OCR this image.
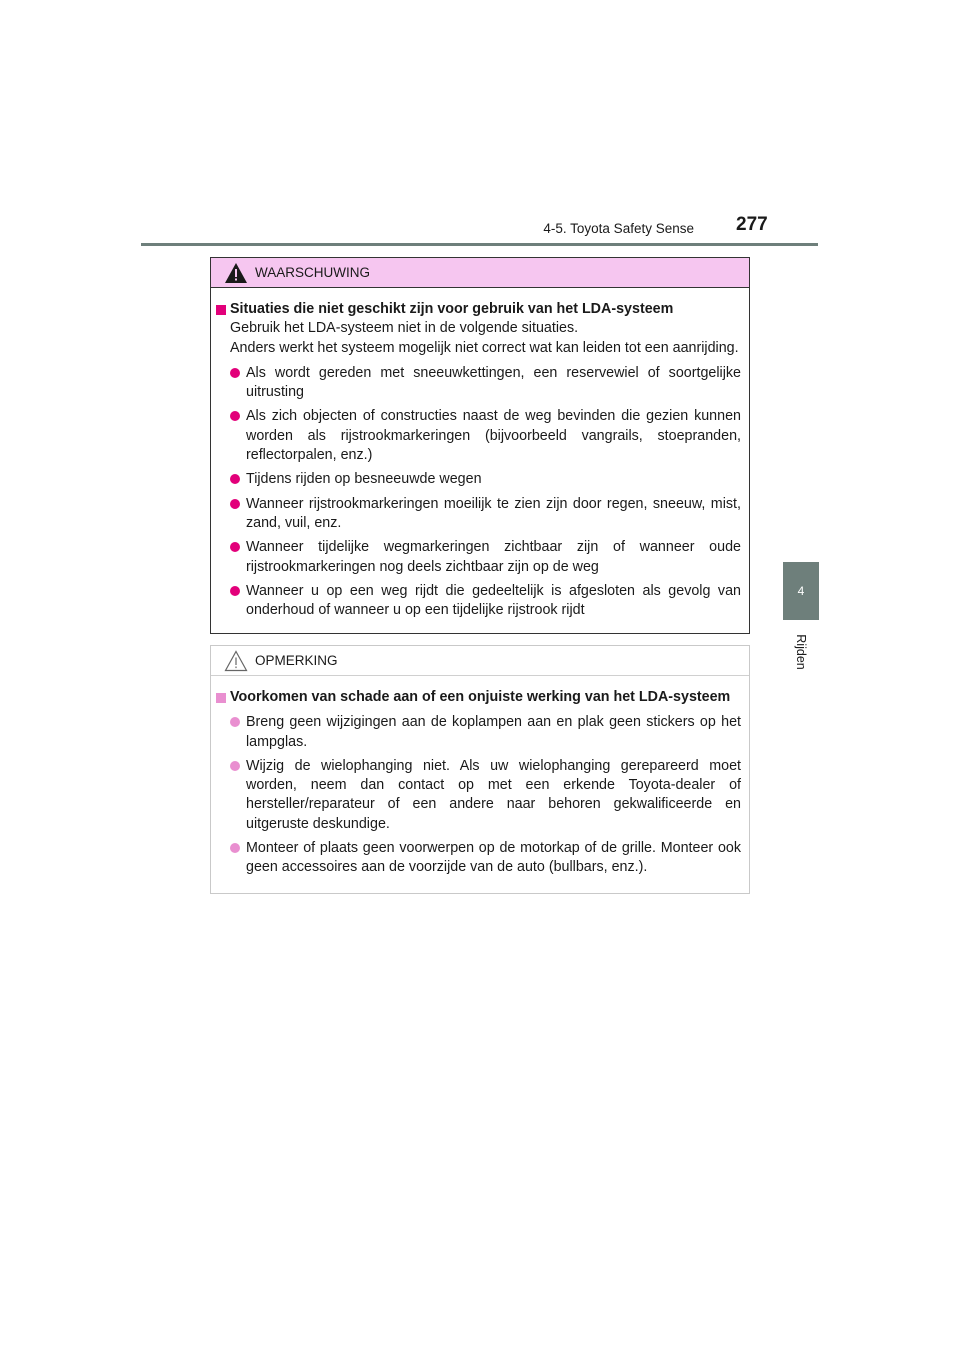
4-5. Toyota Safety Sense 277
4
Rijden
WAARSCHUWING
Situaties die niet geschikt zijn voor gebruik van het LDA-systeem
Gebruik het LDA-systeem niet in de volgende situaties.
Anders werkt het systeem mogelijk niet correct wat kan leiden tot een aanrijding.
Als wordt gereden met sneeuwkettingen, een reservewiel of soortgelijke uitrusting
Als zich objecten of constructies naast de weg bevinden die gezien kunnen worden als rijstrookmarkeringen (bijvoorbeeld vangrails, stoepranden, reflectorpalen, enz.)
Tijdens rijden op besneeuwde wegen
Wanneer rijstrookmarkeringen moeilijk te zien zijn door regen, sneeuw, mist, zand, vuil, enz.
Wanneer tijdelijke wegmarkeringen zichtbaar zijn of wanneer oude rijstrookmarkeringen nog deels zichtbaar zijn op de weg
Wanneer u op een weg rijdt die gedeeltelijk is afgesloten als gevolg van onderhoud of wanneer u op een tijdelijke rijstrook rijdt
OPMERKING
Voorkomen van schade aan of een onjuiste werking van het LDA-systeem
Breng geen wijzigingen aan de koplampen aan en plak geen stickers op het lampglas.
Wijzig de wielophanging niet. Als uw wielophanging gerepareerd moet worden, neem dan contact op met een erkende Toyota-dealer of hersteller/reparateur of een andere naar behoren gekwalificeerde en uitgeruste deskundige.
Monteer of plaats geen voorwerpen op de motorkap of de grille. Monteer ook geen accessoires aan de voorzijde van de auto (bullbars, enz.).
